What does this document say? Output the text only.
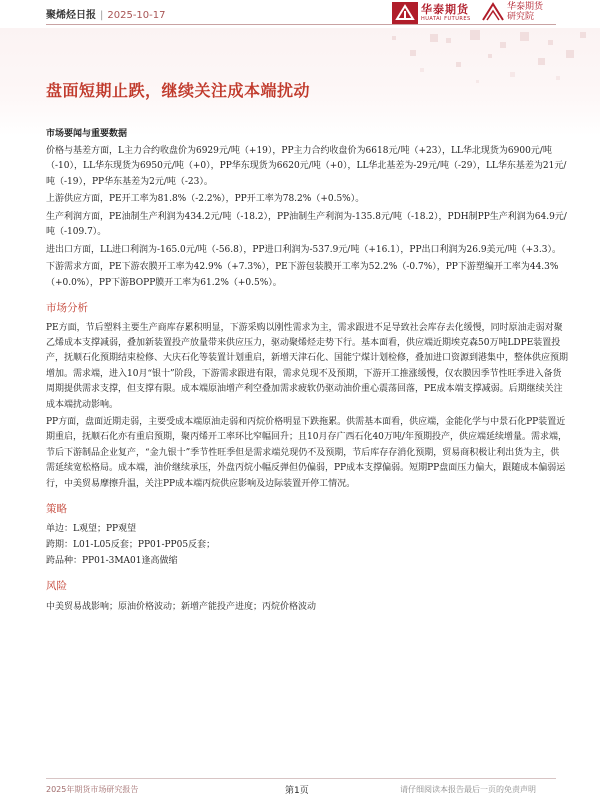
聚烯烃日报 | 2025-10-17	华泰期货
HUATAI FUTURES
华泰期货
研究院
盘面短期止跌，继续关注成本端扰动
市场要闻与重要数据

价格与基差方面，L主力合约收盘价为6929元/吨（+19），PP主力合约收盘价为6618元/吨（+23），LL华北现货为6900元/吨（-10），LL华东现货为6950元/吨（+0），PP华东现货为6620元/吨（+0），LL华北基差为-29元/吨（-29），LL华东基差为21元/吨（-19），PP华东基差为2元/吨（-23）。

上游供应方面，PE开工率为81.8%（-2.2%），PP开工率为78.2%（+0.5%）。

生产利润方面，PE油制生产利润为434.2元/吨（-18.2），PP油制生产利润为-135.8元/吨（-18.2），PDH制PP生产利润为64.9元/吨（-109.7）。

进出口方面，LL进口利润为-165.0元/吨（-56.8），PP进口利润为-537.9元/吨（+16.1），PP出口利润为26.9美元/吨（+3.3）。

下游需求方面，PE下游农膜开工率为42.9%（+7.3%），PE下游包装膜开工率为52.2%（-0.7%），PP下游塑编开工率为44.3%（+0.0%），PP下游BOPP膜开工率为61.2%（+0.5%）。

市场分析

PE方面，节后塑料主要生产商库存累积明显，下游采购以刚性需求为主，需求跟进不足导致社会库存去化缓慢，同时原油走弱对聚乙烯成本支撑减弱，叠加新装置投产放量带来供应压力，驱动聚烯烃走势下行。基本面看，供应端近期埃克森50万吨LDPE装置投产，抚顺石化预期结束检修、大庆石化等装置计划重启，新增天津石化、国能宁煤计划检修，叠加进口资源到港集中，整体供应预期增加。需求端，进入10月“银十”阶段，下游需求跟进有限，需求兑现不及预期，下游开工推涨缓慢，仅农膜因季节性旺季进入备货周期提供需求支撑，但支撑有限。成本端原油增产利空叠加需求疲软仍驱动油价重心震荡回落，PE成本端支撑减弱。后期继续关注成本端扰动影响。

PP方面，盘面近期走弱，主要受成本端原油走弱和丙烷价格明显下跌拖累。供需基本面看，供应端，金能化学与中景石化PP装置近期重启，抚顺石化亦有重启预期，聚丙烯开工率环比窄幅回升；且10月存广西石化40万吨/年预期投产，供应端延续增量。需求端，节后下游制品企业复产，“金九银十”季节性旺季但是需求端兑现仍不及预期，节后库存存消化预期，贸易商积极让利出货为主，供需延续宽松格局。成本端，油价继续承压，外盘丙烷小幅反弹但仍偏弱，PP成本支撑偏弱。短期PP盘面压力偏大，跟随成本偏弱运行，中美贸易摩擦升温，关注PP成本端丙烷供应影响及边际装置开停工情况。

策略

单边：L观望；PP观望

跨期：L01-L05反套；PP01-PP05反套；

跨品种：PP01-3MA01逢高做缩

风险

中美贸易战影响；原油价格波动；新增产能投产进度；丙烷价格波动

2025年期货市场研究报告	第1页	请仔细阅读本报告最后一页的免责声明
